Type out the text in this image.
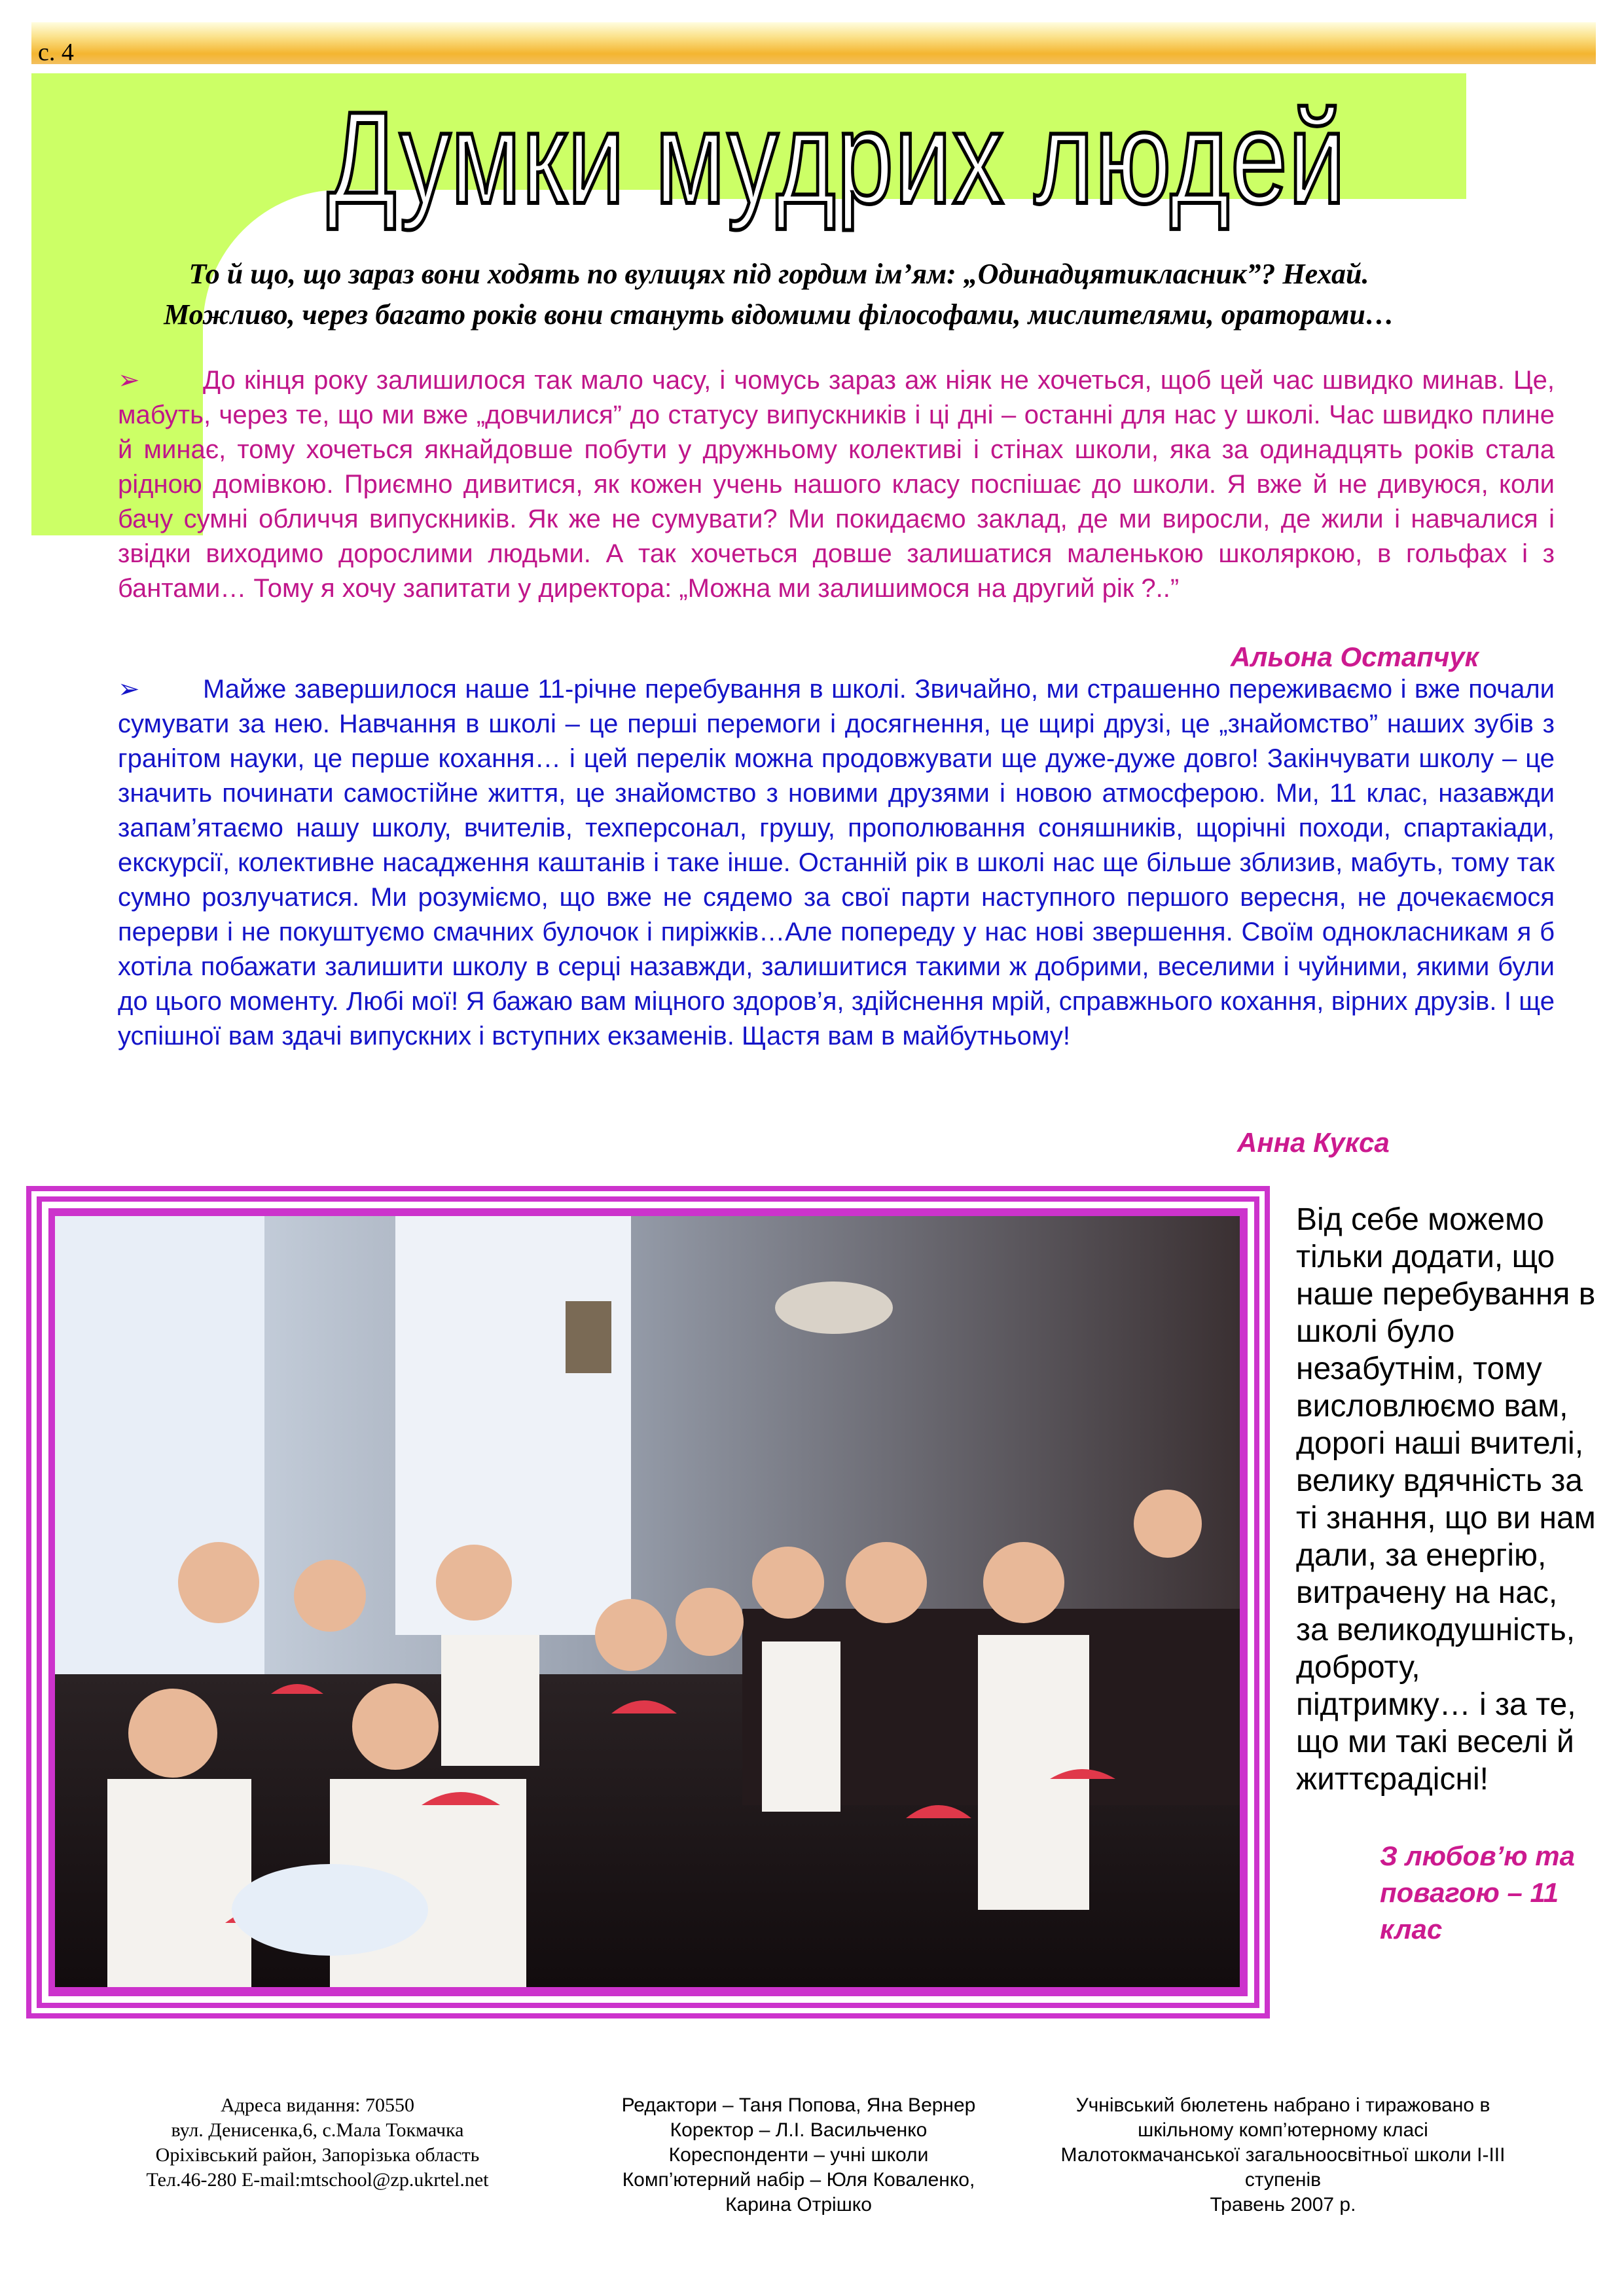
с. 4
Думки мудрих людей
То й що, що зараз вони ходять по вулицях під гордим ім’ям: „Одинадцятикласник”? Нехай.
Можливо, через багато років вони стануть відомими філософами, мислителями, ораторами…
➢ До кінця року залишилося так мало часу, і чомусь зараз аж ніяк не хочеться, щоб цей час швидко минав. Це, мабуть, через те, що ми вже „довчилися” до статусу випускників і ці дні – останні для нас у школі. Час швидко плине й минає, тому хочеться якнайдовше побути у дружньому колективі і стінах школи, яка за одинадцять років стала рідною домівкою. Приємно дивитися, як кожен учень нашого класу поспішає до школи. Я вже й не дивуюся, коли бачу сумні обличчя випускників. Як же не сумувати? Ми покидаємо заклад, де ми виросли, де жили і навчалися і звідки виходимо дорослими людьми. А так хочеться довше залишатися маленькою школяркою, в гольфах і з бантами… Тому я хочу запитати у директора: „Можна ми залишимося на другий рік ?..”
Альона Остапчук
➢ Майже завершилося наше 11-річне перебування в школі. Звичайно, ми страшенно переживаємо і вже почали сумувати за нею. Навчання в школі – це перші перемоги і досягнення, це щирі друзі, це „знайомство” наших зубів з гранітом науки, це перше кохання… і цей перелік можна продовжувати ще дуже-дуже довго! Закінчувати школу – це значить починати самостійне життя, це знайомство з новими друзями і новою атмосферою. Ми, 11 клас, назавжди запам’ятаємо нашу школу, вчителів, техперсонал, грушу, прополювання соняшників, щорічні походи, спартакіади, екскурсії, колективне насадження каштанів і таке інше. Останній рік в школі нас ще більше зблизив, мабуть, тому так сумно розлучатися. Ми розуміємо, що вже не сядемо за свої парти наступного першого вересня, не дочекаємося перерви і не покуштуємо смачних булочок і пиріжків…Але попереду у нас нові звершення. Своїм однокласникам я б хотіла побажати залишити школу в серці назавжди, залишитися такими ж добрими, веселими і чуйними, якими були до цього моменту. Любі мої! Я бажаю вам міцного здоров’я, здійснення мрій, справжнього кохання, вірних друзів. І ще успішної вам здачі випускних і вступних екзаменів. Щастя вам в майбутньому!
Анна Кукса
Від себе можемо тільки додати, що наше перебування в школі було незабутнім, тому висловлюємо вам, дорогі наші вчителі, велику вдячність за ті знання, що ви нам дали, за енергію, витрачену на нас, за великодушність, доброту, підтримку… і за те, що ми такі веселі й життєрадісні!
З любов’ю та повагою – 11 клас
Адреса видання: 70550
вул. Денисенка,6, с.Мала Токмачка
Оріхівський район, Запорізька область
Тел.46-280 E-mail:mtschool@zp.ukrtel.net
Редактори – Таня Попова, Яна Вернер
Коректор – Л.І. Васильченко
Кореспонденти – учні школи
Комп’ютерний набір – Юля Коваленко,
Карина Отрішко
Учнівський бюлетень набрано і тиражовано в
шкільному комп’ютерному класі
Малотокмачанської загальноосвітньої школи І-ІІІ
ступенів
Травень 2007 р.
